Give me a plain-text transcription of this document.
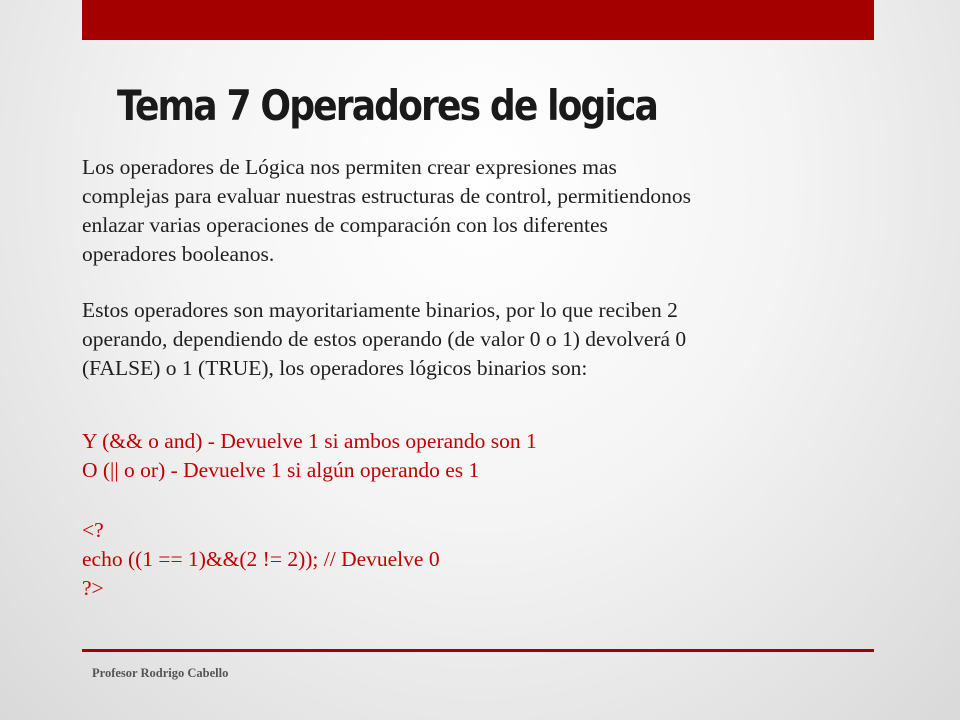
Tema 7 Operadores de logica
Los operadores de Lógica nos permiten crear expresiones mas
complejas para evaluar nuestras estructuras de control, permitiendonos
enlazar varias operaciones de comparación con los diferentes
operadores booleanos.
Estos operadores son mayoritariamente binarios, por lo que reciben 2
operando, dependiendo de estos operando (de valor 0 o 1) devolverá 0
(FALSE) o 1 (TRUE), los operadores lógicos binarios son:
Y (&& o and) - Devuelve 1 si ambos operando son 1
O (|| o or) - Devuelve 1 si algún operando es 1
<?
echo ((1 == 1)&&(2 != 2)); // Devuelve 0
?>
Profesor Rodrigo Cabello
